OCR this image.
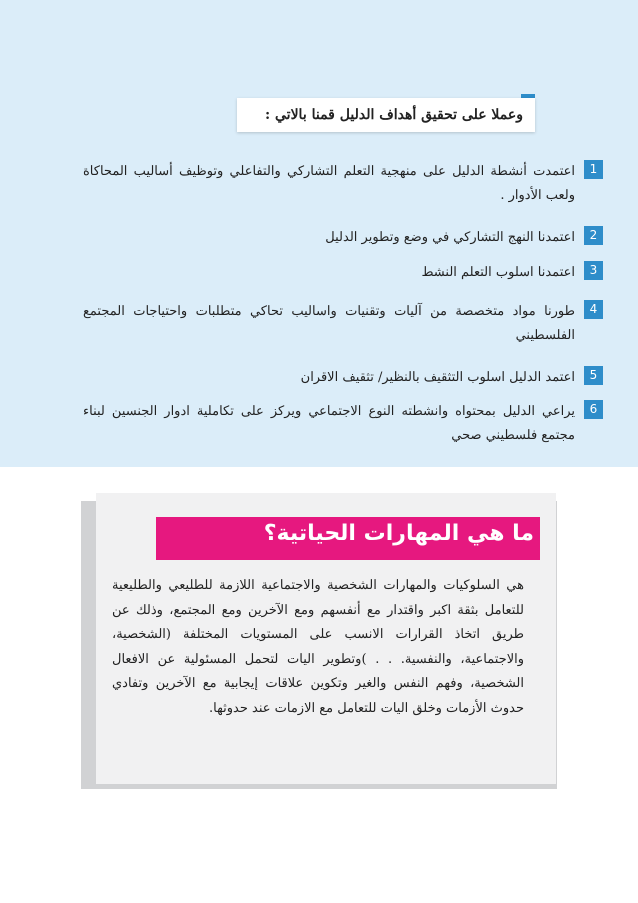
وعملا على تحقيق أهداف الدليل قمنا بالاتي :
1
اعتمدت أنشطة الدليل على منهجية التعلم التشاركي والتفاعلي وتوظيف أساليب المحاكاة ولعب الأدوار .
2
اعتمدنا النهج التشاركي في وضع وتطوير الدليل
3
اعتمدنا اسلوب التعلم النشط
4
طورنا مواد متخصصة من آليات وتقنيات واساليب تحاكي متطلبات واحتياجات المجتمع الفلسطيني
5
اعتمد الدليل اسلوب التثقيف بالنظير/ تثقيف الاقران
6
يراعي الدليل بمحتواه وانشطته النوع الاجتماعي ويركز على تكاملية ادوار الجنسين لبناء مجتمع فلسطيني صحي
ما هي المهارات الحياتية؟
هي السلوكيات والمهارات الشخصية والاجتماعية اللازمة للطليعي والطليعية للتعامل بثقة اكبر واقتدار مع أنفسهم ومع الآخرين ومع المجتمع، وذلك عن طريق اتخاذ القرارات الانسب على المستويات المختلفة (الشخصية، والاجتماعية، والنفسية. . . )وتطوير اليات لتحمل المسئولية عن الافعال الشخصية، وفهم النفس والغير وتكوين علاقات إيجابية مع الآخرين وتفادي حدوث الأزمات وخلق اليات للتعامل مع الازمات عند حدوثها.
